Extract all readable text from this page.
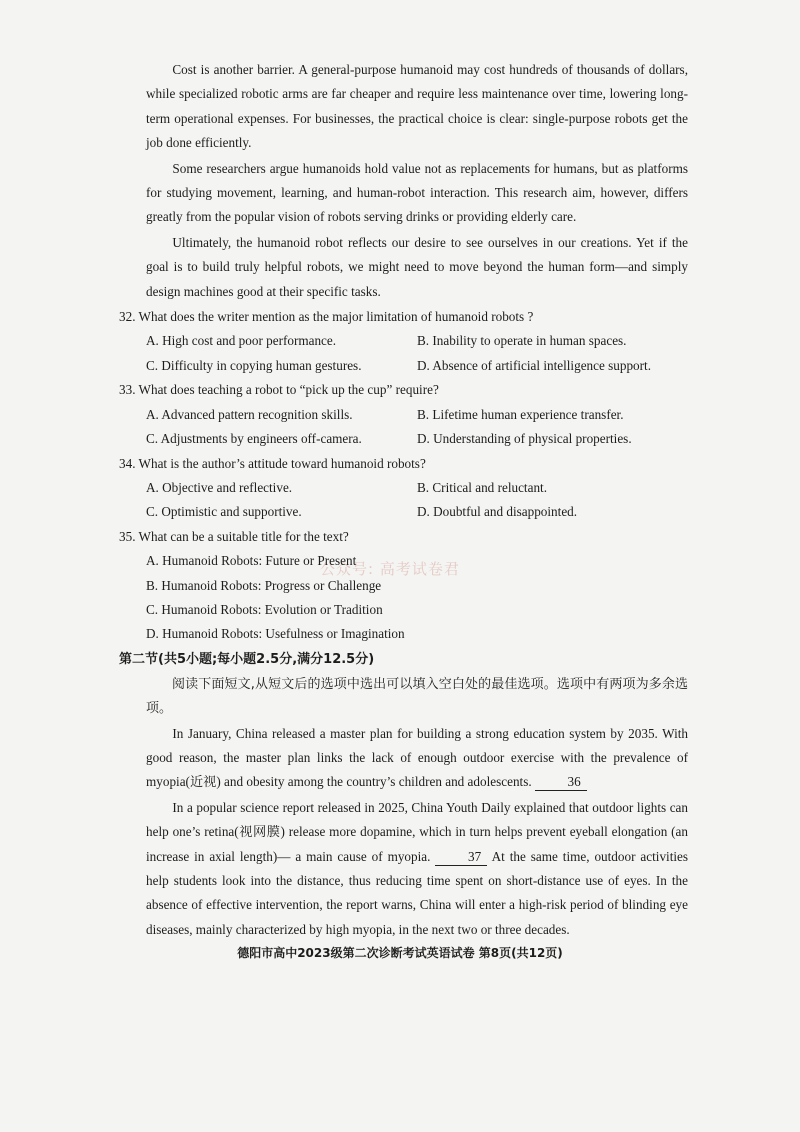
公众号: 高考试卷君

Cost is another barrier. A general-purpose humanoid may cost hundreds of thousands of dollars, while specialized robotic arms are far cheaper and require less maintenance over time, lowering long-term operational expenses. For businesses, the practical choice is clear: single-purpose robots get the job done efficiently.

Some researchers argue humanoids hold value not as replacements for humans, but as platforms for studying movement, learning, and human-robot interaction. This research aim, however, differs greatly from the popular vision of robots serving drinks or providing elderly care.

Ultimately, the humanoid robot reflects our desire to see ourselves in our creations. Yet if the goal is to build truly helpful robots, we might need to move beyond the human form—and simply design machines good at their specific tasks.

32. What does the writer mention as the major limitation of humanoid robots ?
A. High cost and poor performance.	B. Inability to operate in human spaces.
C. Difficulty in copying human gestures.	D. Absence of artificial intelligence support.
33. What does teaching a robot to “pick up the cup” require?
A. Advanced pattern recognition skills.	B. Lifetime human experience transfer.
C. Adjustments by engineers off-camera.	D. Understanding of physical properties.
34. What is the author’s attitude toward humanoid robots?
A. Objective and reflective.	B. Critical and reluctant.
C. Optimistic and supportive.	D. Doubtful and disappointed.
35. What can be a suitable title for the text?
A. Humanoid Robots: Future or Present
B. Humanoid Robots: Progress or Challenge
C. Humanoid Robots: Evolution or Tradition
D. Humanoid Robots: Usefulness or Imagination
第二节(共5小题;每小题2.5分,满分12.5分)
阅读下面短文,从短文后的选项中选出可以填入空白处的最佳选项。选项中有两项为多余选项。

In January, China released a master plan for building a strong education system by 2035. With good reason, the master plan links the lack of enough outdoor exercise with the prevalence of myopia(近视) and obesity among the country’s children and adolescents.	36

In a popular science report released in 2025, China Youth Daily explained that outdoor lights can help one’s retina(视网膜) release more dopamine, which in turn helps prevent eyeball elongation (an increase in axial length)— a main cause of myopia.	37 At the same time, outdoor activities help students look into the distance, thus reducing time spent on short-distance use of eyes. In the absence of effective intervention, the report warns, China will enter a high-risk period of blinding eye diseases, mainly characterized by high myopia, in the next two or three decades.

德阳市高中2023级第二次诊断考试英语试卷 第8页(共12页)
